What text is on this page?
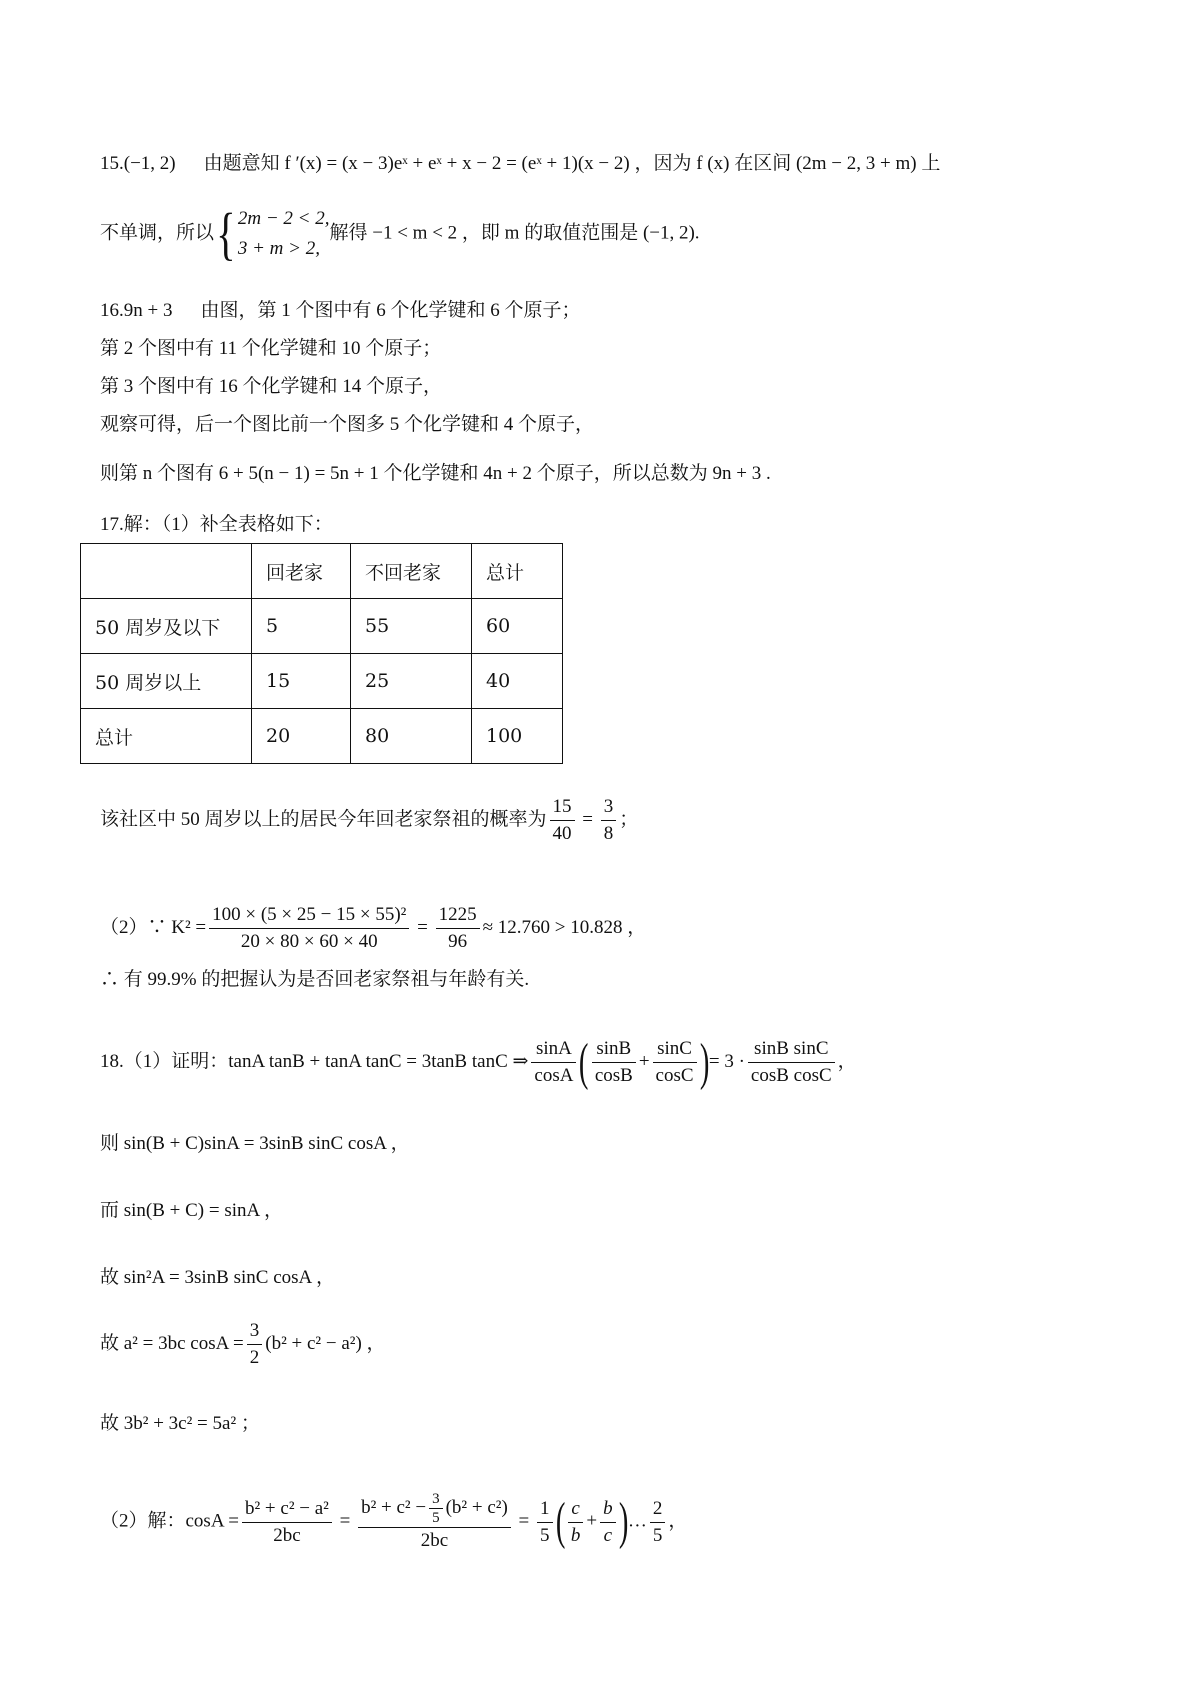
15.(−1, 2) 由题意知 f ′(x) = (x − 3)eˣ + eˣ + x − 2 = (eˣ + 1)(x − 2) ，因为 f (x) 在区间 (2m − 2, 3 + m) 上
不单调，所以{ 2m − 2 < 2,
3 + m > 2,
解得 −1 < m < 2 ，即 m 的取值范围是 (−1, 2).
16.9n + 3 由图，第 1 个图中有 6 个化学键和 6 个原子；
第 2 个图中有 11 个化学键和 10 个原子；
第 3 个图中有 16 个化学键和 14 个原子，
观察可得，后一个图比前一个图多 5 个化学键和 4 个原子，
则第 n 个图有 6 + 5(n − 1) = 5n + 1 个化学键和 4n + 2 个原子，所以总数为 9n + 3 .
17.解：（1）补全表格如下：
	回老家	不回老家	总计
50 周岁及以下	5	55	60
50 周岁以上	15	25	40
总计	20	80	100
该社区中 50 周岁以上的居民今年回老家祭祖的概率为 $\frac{15}{40} = \frac{3}{8}$ ；
（2）∵ $K^2 = \frac{\text{100 × (5 × 25 − 15 × 55)²}}{20 \times 80 \times 60 \times 40} = \frac{1225}{96} \approx 12.760 > 10.828$ ，
∴ 有 99.9% 的把握认为是否回老家祭祖与年龄有关.
18.（1）证明：tanA tanB + tanA tanC = 3tanB tanC ⇒ $\frac{\sin A}{\cos A}$ ( $\frac{\sin B}{\cos B} + \frac{\sin C}{\cos C}$ )= $3 \cdot \frac{\text{sinB sinC}}{\text{cosB cosC}}$ ，
则 sin(B + C)sinA = 3sinB sinC cosA ，
而 sin(B + C) = sinA ，
故 sin²A = 3sinB sinC cosA ，
故 a² = 3bc $\cos A = \frac{3}{2} (b^2 + c^2 - a^2)$ ，
故 3b² + 3c² = 5a² ；
（2）解：$\cos A = \frac{\text{b² + c² − a²}}{2bc} = \frac{b^2 + c^2 - \frac{3}{5} (b^2 + c^2)}{2bc} = \frac{1}{5}$ ( $\frac{c}{b} + \frac{b}{c}$ )… $\frac{2}{5}$ ，
